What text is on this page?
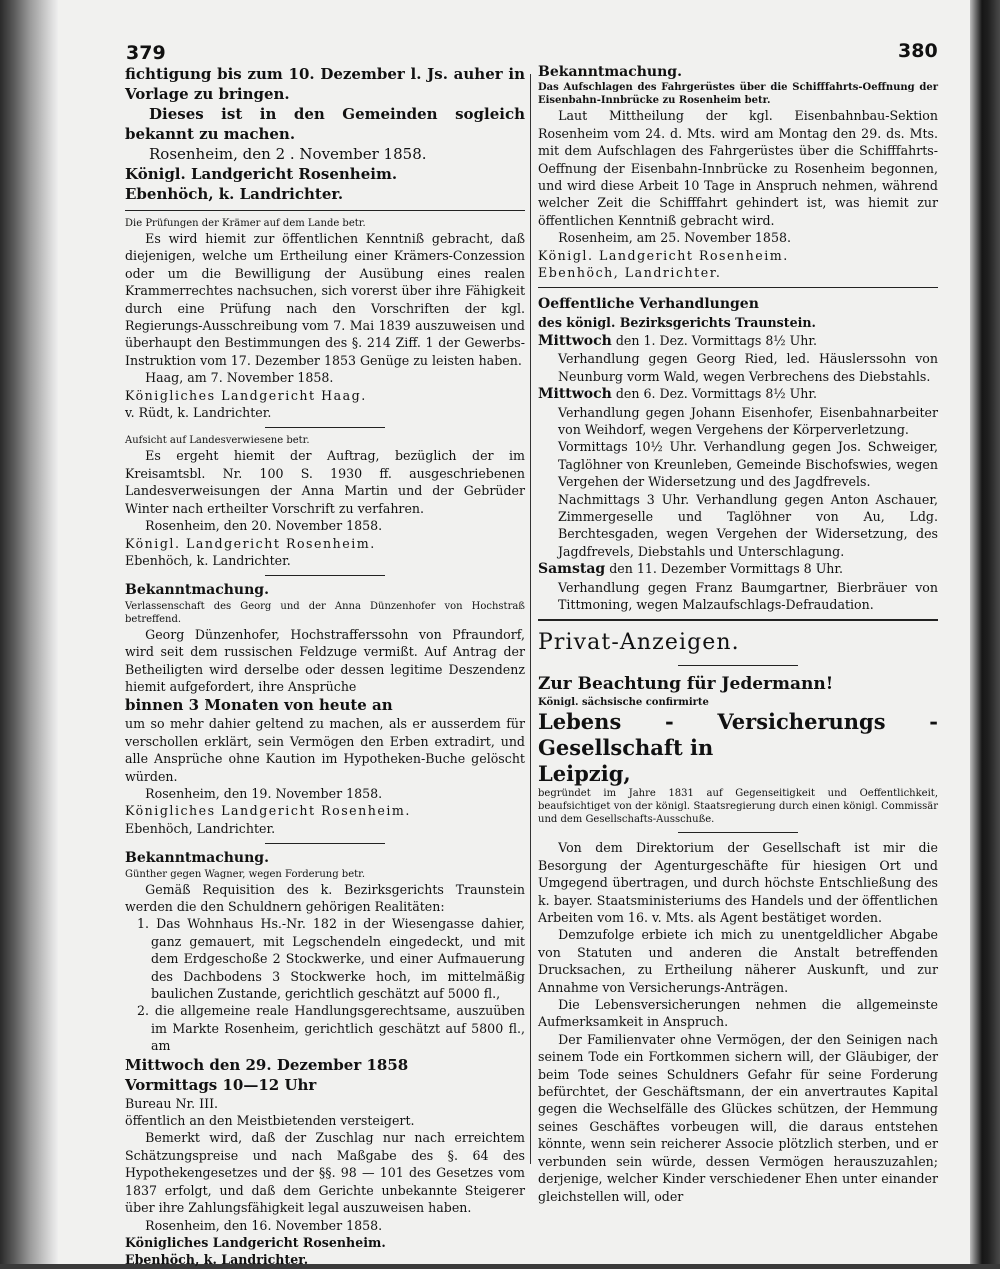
379	380

fichtigung bis zum 10. Dezember l. Js. auher in Vorlage zu bringen.

Dieses ist in den Gemeinden sogleich bekannt zu machen.

Rosenheim, den 2 . November 1858.

Königl. Landgericht Rosenheim.

Ebenhöch, k. Landrichter.

Die Prüfungen der Krämer auf dem Lande betr.

Es wird hiemit zur öffentlichen Kenntniß gebracht, daß diejenigen, welche um Ertheilung einer Krämers-Conzession oder um die Bewilligung der Ausübung eines realen Krammerrechtes nachsuchen, sich vorerst über ihre Fähigkeit durch eine Prüfung nach den Vorschriften der kgl. Regierungs-Ausschreibung vom 7. Mai 1839 auszuweisen und überhaupt den Bestimmungen des §. 214 Ziff. 1 der Gewerbs-Instruktion vom 17. Dezember 1853 Genüge zu leisten haben.

Haag, am 7. November 1858.

Königliches Landgericht Haag.

v. Rüdt, k. Landrichter.

Aufsicht auf Landesverwiesene betr.

Es ergeht hiemit der Auftrag, bezüglich der im Kreisamtsbl. Nr. 100 S. 1930 ff. ausgeschriebenen Landesverweisungen der Anna Martin und der Gebrüder Winter nach ertheilter Vorschrift zu verfahren.

Rosenheim, den 20. November 1858.

Königl. Landgericht Rosenheim.

Ebenhöch, k. Landrichter.

Bekanntmachung.

Verlassenschaft des Georg und der Anna Dünzenhofer von Hochstraß betreffend.

Georg Dünzenhofer, Hochstrafferssohn von Pfraundorf, wird seit dem russischen Feldzuge vermißt. Auf Antrag der Betheiligten wird derselbe oder dessen legitime Deszendenz hiemit aufgefordert, ihre Ansprüche

binnen 3 Monaten von heute an

um so mehr dahier geltend zu machen, als er ausserdem für verschollen erklärt, sein Vermögen den Erben extradirt, und alle Ansprüche ohne Kaution im Hypotheken-Buche gelöscht würden.

Rosenheim, den 19. November 1858.

Königliches Landgericht Rosenheim.

Ebenhöch, Landrichter.

Bekanntmachung.

Günther gegen Wagner, wegen Forderung betr.

Gemäß Requisition des k. Bezirksgerichts Traunstein werden die den Schuldnern gehörigen Realitäten:

1. Das Wohnhaus Hs.-Nr. 182 in der Wiesengasse dahier, ganz gemauert, mit Legschendeln eingedeckt, und mit dem Erdgeschoße 2 Stockwerke, und einer Aufmauerung des Dachbodens 3 Stockwerke hoch, im mittelmäßig baulichen Zustande, gerichtlich geschätzt auf 5000 fl.,

2. die allgemeine reale Handlungsgerechtsame, auszuüben im Markte Rosenheim, gerichtlich geschätzt auf 5800 fl., am

Mittwoch den 29. Dezember 1858

Vormittags 10—12 Uhr

Bureau Nr. III.

öffentlich an den Meistbietenden versteigert.

Bemerkt wird, daß der Zuschlag nur nach erreichtem Schätzungspreise und nach Maßgabe des §. 64 des Hypothekengesetzes und der §§. 98 — 101 des Gesetzes vom 1837 erfolgt, und daß dem Gerichte unbekannte Steigerer über ihre Zahlungsfähigkeit legal auszuweisen haben.

Rosenheim, den 16. November 1858.

Königliches Landgericht Rosenheim.

Ebenhöch, k. Landrichter.

Bekanntmachung.

Das Aufschlagen des Fahrgerüstes über die Schifffahrts-Oeffnung der Eisenbahn-Innbrücke zu Rosenheim betr.

Laut Mittheilung der kgl. Eisenbahnbau-Sektion Rosenheim vom 24. d. Mts. wird am Montag den 29. ds. Mts. mit dem Aufschlagen des Fahrgerüstes über die Schifffahrts-Oeffnung der Eisenbahn-Innbrücke zu Rosenheim begonnen, und wird diese Arbeit 10 Tage in Anspruch nehmen, während welcher Zeit die Schifffahrt gehindert ist, was hiemit zur öffentlichen Kenntniß gebracht wird.

Rosenheim, am 25. November 1858.

Königl. Landgericht Rosenheim.

Ebenhöch, Landrichter.

Oeffentliche Verhandlungen

des königl. Bezirksgerichts Traunstein.

Mittwoch den 1. Dez. Vormittags 8½ Uhr.

Verhandlung gegen Georg Ried, led. Häuslerssohn von Neunburg vorm Wald, wegen Verbrechens des Diebstahls.

Mittwoch den 6. Dez. Vormittags 8½ Uhr.

Verhandlung gegen Johann Eisenhofer, Eisenbahnarbeiter von Weihdorf, wegen Vergehens der Körperverletzung.

Vormittags 10½ Uhr. Verhandlung gegen Jos. Schweiger, Taglöhner von Kreunleben, Gemeinde Bischofswies, wegen Vergehen der Widersetzung und des Jagdfrevels.

Nachmittags 3 Uhr. Verhandlung gegen Anton Aschauer, Zimmergeselle und Taglöhner von Au, Ldg. Berchtesgaden, wegen Vergehen der Widersetzung, des Jagdfrevels, Diebstahls und Unterschlagung.

Samstag den 11. Dezember Vormittags 8 Uhr.

Verhandlung gegen Franz Baumgartner, Bierbräuer von Tittmoning, wegen Malzaufschlags-Defraudation.

Privat-Anzeigen.

Zur Beachtung für Jedermann!

Königl. sächsische confirmirte

Lebens - Versicherungs - Gesellschaft in

Leipzig,

begründet im Jahre 1831 auf Gegenseitigkeit und Oeffentlichkeit, beaufsichtiget von der königl. Staatsregierung durch einen königl. Commissär und dem Gesellschafts-Ausschuße.

Von dem Direktorium der Gesellschaft ist mir die Besorgung der Agenturgeschäfte für hiesigen Ort und Umgegend übertragen, und durch höchste Entschließung des k. bayer. Staatsministeriums des Handels und der öffentlichen Arbeiten vom 16. v. Mts. als Agent bestätiget worden.

Demzufolge erbiete ich mich zu unentgeldlicher Abgabe von Statuten und anderen die Anstalt betreffenden Drucksachen, zu Ertheilung näherer Auskunft, und zur Annahme von Versicherungs-Anträgen.

Die Lebensversicherungen nehmen die allgemeinste Aufmerksamkeit in Anspruch.

Der Familienvater ohne Vermögen, der den Seinigen nach seinem Tode ein Fortkommen sichern will, der Gläubiger, der beim Tode seines Schuldners Gefahr für seine Forderung befürchtet, der Geschäftsmann, der ein anvertrautes Kapital gegen die Wechselfälle des Glückes schützen, der Hemmung seines Geschäftes vorbeugen will, die daraus entstehen könnte, wenn sein reicherer Associe plötzlich sterben, und er verbunden sein würde, dessen Vermögen herauszuzahlen; derjenige, welcher Kinder verschiedener Ehen unter einander gleichstellen will, oder
